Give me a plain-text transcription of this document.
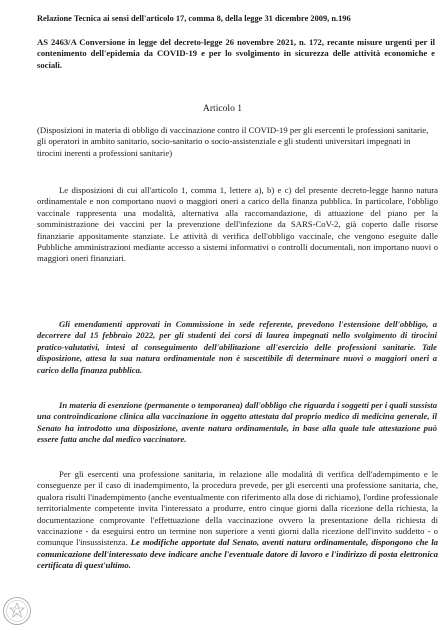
Relazione Tecnica ai sensi dell'articolo 17, comma 8, della legge 31 dicembre 2009, n.196
AS 2463/A Conversione in legge del decreto-legge 26 novembre 2021, n. 172, recante misure urgenti per il contenimento dell'epidemia da COVID-19 e per lo svolgimento in sicurezza delle attività economiche e sociali.
Articolo 1
(Disposizioni in materia di obbligo di vaccinazione contro il COVID-19 per gli esercenti le professioni sanitarie, gli operatori in ambito sanitario, socio-sanitario o socio-assistenziale e gli studenti universitari impegnati in tirocini inerenti a professioni sanitarie)
Le disposizioni di cui all'articolo 1, comma 1, lettere a), b) e c) del presente decreto-legge hanno natura ordinamentale e non comportano nuovi o maggiori oneri a carico della finanza pubblica. In particolare, l'obbligo vaccinale rappresenta una modalità, alternativa alla raccomandazione, di attuazione del piano per la somministrazione dei vaccini per la prevenzione dell'infezione da SARS-CoV-2, già coperto dalle risorse finanziarie appositamente stanziate. Le attività di verifica dell'obbligo vaccinale, che vengono eseguite dalle Pubbliche amministrazioni mediante accesso a sistemi informativi o controlli documentali, non importano nuovi o maggiori oneri finanziari.
Gli emendamenti approvati in Commissione in sede referente, prevedono l'estensione dell'obbligo, a decorrere dal 15 febbraio 2022, per gli studenti dei corsi di laurea impegnati nello svolgimento di tirocini pratico-valutativi, intesi al conseguimento dell'abilitazione all'esercizio delle professioni sanitarie. Tale disposizione, attesa la sua natura ordinamentale non è suscettibile di determinare nuovi o maggiori oneri a carico della finanza pubblica.
In materia di esenzione (permanente o temporanea) dall'obbligo che riguarda i soggetti per i quali sussista una controindicazione clinica alla vaccinazione in oggetto attestata dal proprio medico di medicina generale, il Senato ha introdotto una disposizione, avente natura ordinamentale, in base alla quale tale attestazione può essere fatta anche dal medico vaccinatore.
Per gli esercenti una professione sanitaria, in relazione alle modalità di verifica dell'adempimento e le conseguenze per il caso di inadempimento, la procedura prevede, per gli esercenti una professione sanitaria, che, qualora risulti l'inadempimento (anche eventualmente con riferimento alla dose di richiamo), l'ordine professionale territorialmente competente invita l'interessato a produrre, entro cinque giorni dalla ricezione della richiesta, la documentazione comprovante l'effettuazione della vaccinazione ovvero la presentazione della richiesta di vaccinazione - da eseguirsi entro un termine non superiore a venti giorni dalla ricezione dell'invito suddetto - o comunque l'insussistenza. Le modifiche apportate dal Senato, aventi natura ordinamentale, dispongono che la comunicazione dell'interessato deve indicare anche l'eventuale datore di lavoro e l'indirizzo di posta elettronica certificata di quest'ultimo.
